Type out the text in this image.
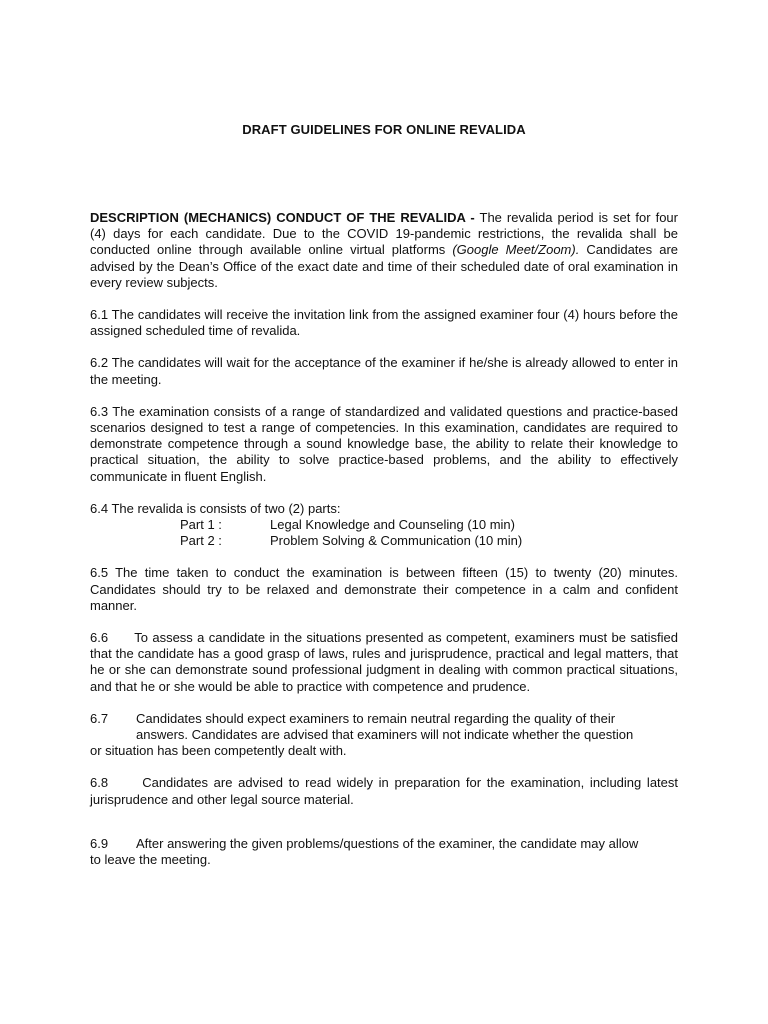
DRAFT GUIDELINES FOR ONLINE REVALIDA

DESCRIPTION (MECHANICS) CONDUCT OF THE REVALIDA - The revalida period is set for four (4) days for each candidate. Due to the COVID 19-pandemic restrictions, the revalida shall be conducted online through available online virtual platforms (Google Meet/Zoom). Candidates are advised by the Dean’s Office of the exact date and time of their scheduled date of oral examination in every review subjects.

6.1 The candidates will receive the invitation link from the assigned examiner four (4) hours before the assigned scheduled time of revalida.

6.2 The candidates will wait for the acceptance of the examiner if he/she is already allowed to enter in the meeting.

6.3 The examination consists of a range of standardized and validated questions and practice-based scenarios designed to test a range of competencies. In this examination, candidates are required to demonstrate competence through a sound knowledge base, the ability to relate their knowledge to practical situation, the ability to solve practice-based problems, and the ability to effectively communicate in fluent English.

6.4 The revalida is consists of two (2) parts:
Part 1 :	Legal Knowledge and Counseling (10 min)
Part 2 :	Problem Solving & Communication (10 min)

6.5 The time taken to conduct the examination is between fifteen (15) to twenty (20) minutes. Candidates should try to be relaxed and demonstrate their competence in a calm and confident manner.

6.6 To assess a candidate in the situations presented as competent, examiners must be satisfied that the candidate has a good grasp of laws, rules and jurisprudence, practical and legal matters, that he or she can demonstrate sound professional judgment in dealing with common practical situations, and that he or she would be able to practice with competence and prudence.

6.7	Candidates should expect examiners to remain neutral regarding the quality of their
answers. Candidates are advised that examiners will not indicate whether the question
or situation has been competently dealt with.

6.8	Candidates are advised to read widely in preparation for the examination, including latest jurisprudence and other legal source material.

6.9	After answering the given problems/questions of the examiner, the candidate may allow
to leave the meeting.
